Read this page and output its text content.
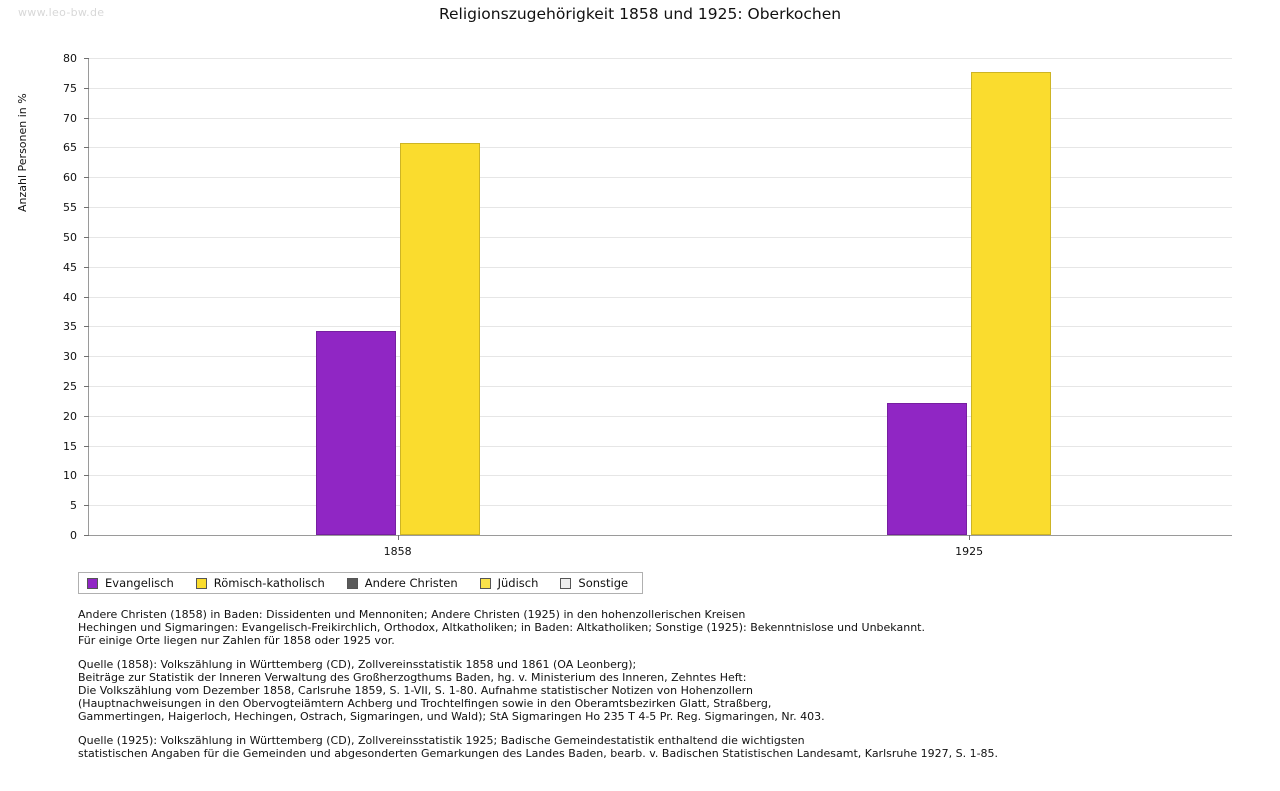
www.leo-bw.de	Religionszugehörigkeit 1858 und 1925: Oberkochen
Anzahl Personen in %
0
5
10
15
20
25
30
35
40
45
50
55
60
65
70
75
80
1858	1925
Evangelisch	Römisch-katholisch	Andere Christen	Jüdisch	Sonstige
Andere Christen (1858) in Baden: Dissidenten und Mennoniten; Andere Christen (1925) in den hohenzollerischen Kreisen
Hechingen und Sigmaringen: Evangelisch-Freikirchlich, Orthodox, Altkatholiken; in Baden: Altkatholiken; Sonstige (1925): Bekenntnislose und Unbekannt.
Für einige Orte liegen nur Zahlen für 1858 oder 1925 vor.
Quelle (1858): Volkszählung in Württemberg (CD), Zollvereinsstatistik 1858 und 1861 (OA Leonberg);
Beiträge zur Statistik der Inneren Verwaltung des Großherzogthums Baden, hg. v. Ministerium des Inneren, Zehntes Heft:
Die Volkszählung vom Dezember 1858, Carlsruhe 1859, S. 1-VII, S. 1-80. Aufnahme statistischer Notizen von Hohenzollern
(Hauptnachweisungen in den Obervogteiämtern Achberg und Trochtelfingen sowie in den Oberamtsbezirken Glatt, Straßberg,
Gammertingen, Haigerloch, Hechingen, Ostrach, Sigmaringen, und Wald); StA Sigmaringen Ho 235 T 4-5 Pr. Reg. Sigmaringen, Nr. 403.
Quelle (1925): Volkszählung in Württemberg (CD), Zollvereinsstatistik 1925; Badische Gemeindestatistik enthaltend die wichtigsten
statistischen Angaben für die Gemeinden und abgesonderten Gemarkungen des Landes Baden, bearb. v. Badischen Statistischen Landesamt, Karlsruhe 1927, S. 1-85.
